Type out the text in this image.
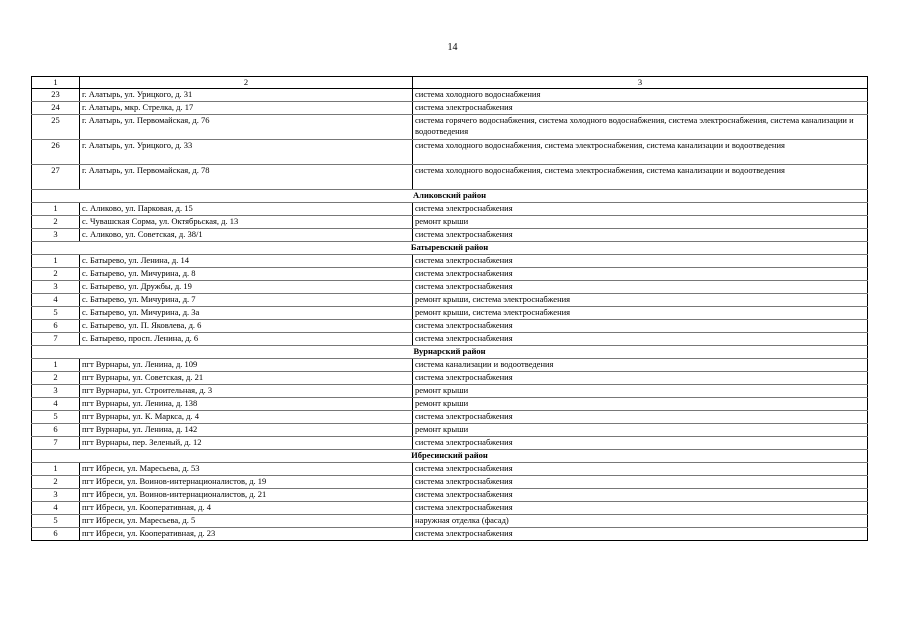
14
1	2	3
23	г. Алатырь, ул. Урицкого, д. 31	система холодного водоснабжения
24	г. Алатырь, мкр. Стрелка, д. 17	система электроснабжения
25	г. Алатырь, ул. Первомайская, д. 76	система горячего водоснабжения, система холодного водоснабжения, система электроснабжения, система канализации и водоотведения
26	г. Алатырь, ул. Урицкого, д. 33	система холодного водоснабжения, система электроснабжения, система канализации и водоотведения
27	г. Алатырь, ул. Первомайская, д. 78	система холодного водоснабжения, система электроснабжения, система канализации и водоотведения
Аликовский район		
1	с. Аликово, ул. Парковая, д. 15	система электроснабжения
2	с. Чувашская Сорма, ул. Октябрьская, д. 13	ремонт крыши
3	с. Аликово, ул. Советская, д. 38/1	система электроснабжения
Батыревский район		
1	с. Батырево, ул. Ленина, д. 14	система электроснабжения
2	с. Батырево, ул. Мичурина, д. 8	система электроснабжения
3	с. Батырево, ул. Дружбы, д. 19	система электроснабжения
4	с. Батырево, ул. Мичурина, д. 7	ремонт крыши, система электроснабжения
5	с. Батырево, ул. Мичурина, д. 3а	ремонт крыши, система электроснабжения
6	с. Батырево, ул. П. Яковлева, д. 6	система электроснабжения
7	с. Батырево, просп. Ленина, д. 6	система электроснабжения
Вурнарский район		
1	пгт Вурнары, ул. Ленина, д. 109	система канализации и водоотведения
2	пгт Вурнары, ул. Советская, д. 21	система электроснабжения
3	пгт Вурнары, ул. Строительная, д. 3	ремонт крыши
4	пгт Вурнары, ул. Ленина, д. 138	ремонт крыши
5	пгт Вурнары, ул. К. Маркса, д. 4	система электроснабжения
6	пгт Вурнары, ул. Ленина, д. 142	ремонт крыши
7	пгт Вурнары, пер. Зеленый, д. 12	система электроснабжения
Ибресинский район		
1	пгт Ибреси, ул. Маресьева, д. 53	система электроснабжения
2	пгт Ибреси, ул. Воинов-интернационалистов, д. 19	система электроснабжения
3	пгт Ибреси, ул. Воинов-интернационалистов, д. 21	система электроснабжения
4	пгт Ибреси, ул. Кооперативная, д. 4	система электроснабжения
5	пгт Ибреси, ул. Маресьева, д. 5	наружная отделка (фасад)
6	пгт Ибреси, ул. Кооперативная, д. 23	система электроснабжения
